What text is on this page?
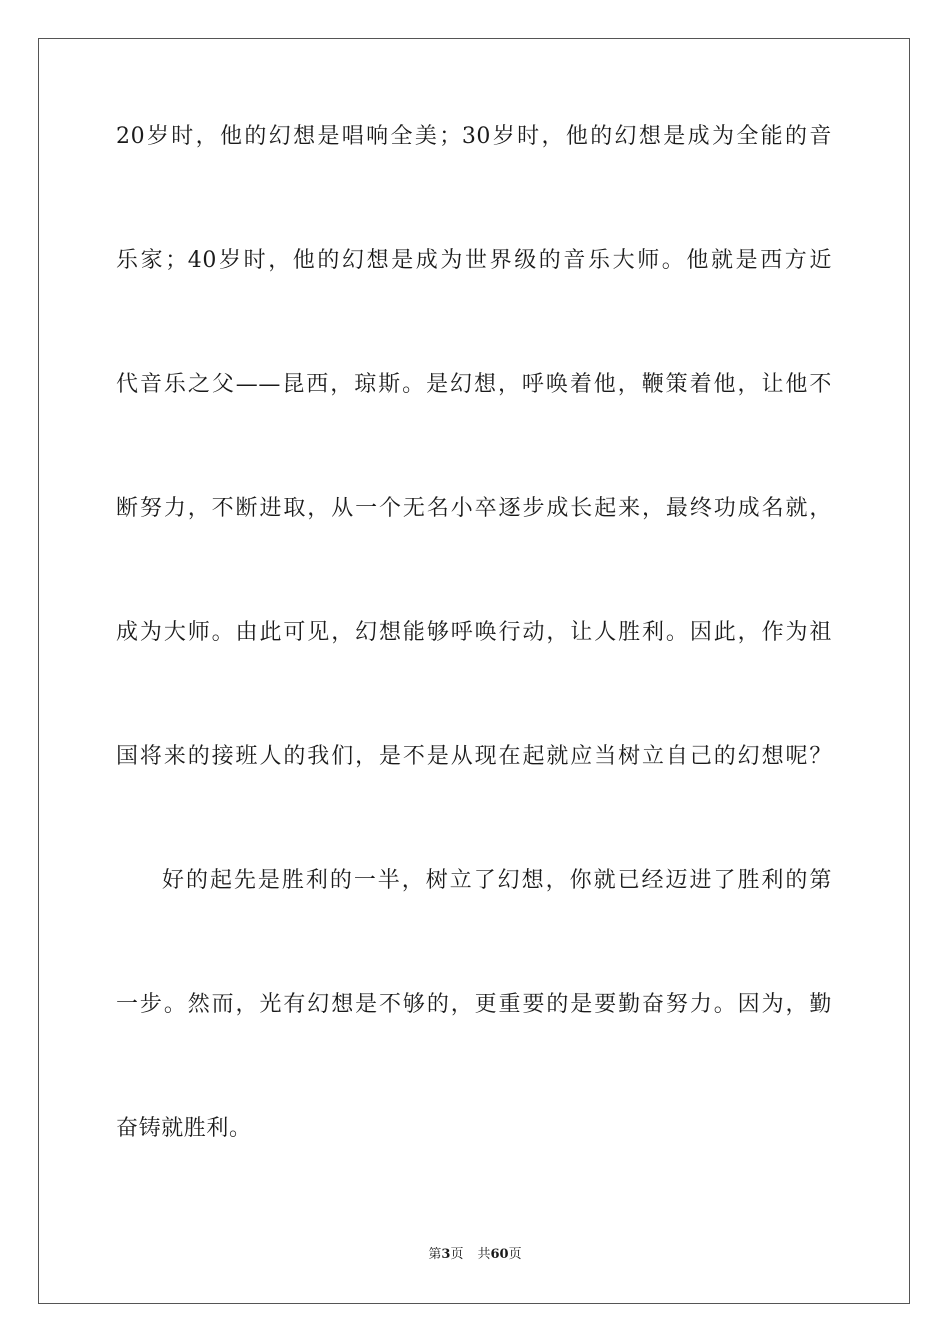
20岁时，他的幻想是唱响全美；30岁时，他的幻想是成为全能的音
乐家；40岁时，他的幻想是成为世界级的音乐大师。他就是西方近
代音乐之父——昆西，琼斯。是幻想，呼唤着他，鞭策着他，让他不
断努力，不断进取，从一个无名小卒逐步成长起来，最终功成名就，
成为大师。由此可见，幻想能够呼唤行动，让人胜利。因此，作为祖
国将来的接班人的我们，是不是从现在起就应当树立自己的幻想呢？
好的起先是胜利的一半，树立了幻想，你就已经迈进了胜利的第
一步。然而，光有幻想是不够的，更重要的是要勤奋努力。因为，勤
奋铸就胜利。
第3页 共60页
